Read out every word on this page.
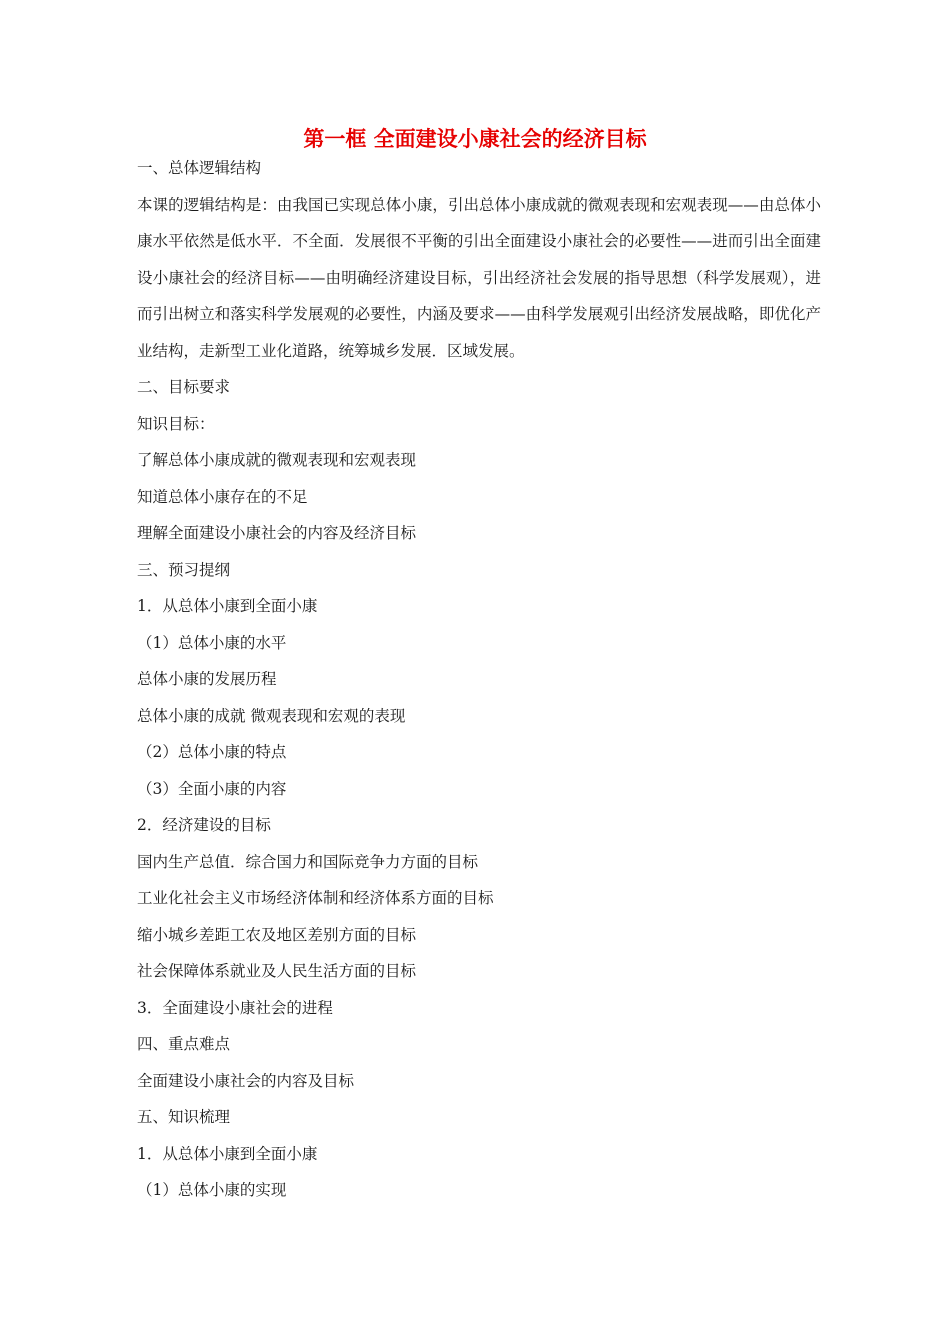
第一框 全面建设小康社会的经济目标
一、总体逻辑结构
本课的逻辑结构是：由我国已实现总体小康，引出总体小康成就的微观表现和宏观表现——由总体小康水平依然是低水平．不全面．发展很不平衡的引出全面建设小康社会的必要性——进而引出全面建设小康社会的经济目标——由明确经济建设目标，引出经济社会发展的指导思想（科学发展观），进而引出树立和落实科学发展观的必要性，内涵及要求——由科学发展观引出经济发展战略，即优化产业结构，走新型工业化道路，统筹城乡发展．区域发展。
二、目标要求
知识目标：
了解总体小康成就的微观表现和宏观表现
知道总体小康存在的不足
理解全面建设小康社会的内容及经济目标
三、预习提纲
1．从总体小康到全面小康
（1）总体小康的水平
总体小康的发展历程
总体小康的成就 微观表现和宏观的表现
（2）总体小康的特点
（3）全面小康的内容
2．经济建设的目标
国内生产总值．综合国力和国际竞争力方面的目标
工业化社会主义市场经济体制和经济体系方面的目标
缩小城乡差距工农及地区差别方面的目标
社会保障体系就业及人民生活方面的目标
3．全面建设小康社会的进程
四、重点难点
全面建设小康社会的内容及目标
五、知识梳理
1．从总体小康到全面小康
（1）总体小康的实现
